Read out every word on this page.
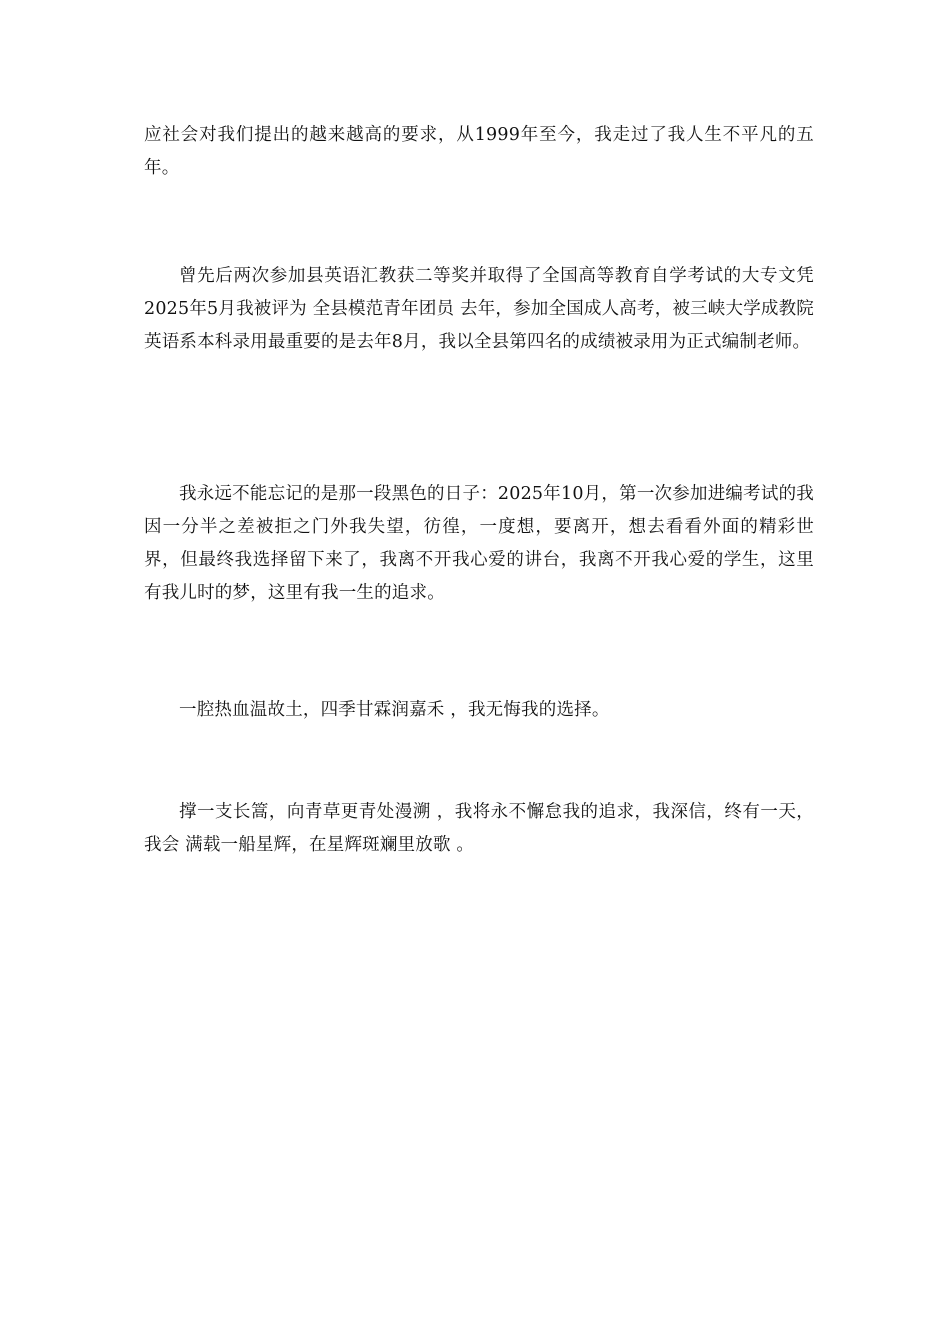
应社会对我们提出的越来越高的要求，从1999年至今，我走过了我人生不平凡的五年。

曾先后两次参加县英语汇教获二等奖并取得了全国高等教育自学考试的大专文凭 2025年5月我被评为 全县模范青年团员 去年，参加全国成人高考，被三峡大学成教院英语系本科录用最重要的是去年8月，我以全县第四名的成绩被录用为正式编制老师。

我永远不能忘记的是那一段黑色的日子：2025年10月，第一次参加进编考试的我因一分半之差被拒之门外我失望，彷徨，一度想，要离开，想去看看外面的精彩世界，但最终我选择留下来了，我离不开我心爱的讲台，我离不开我心爱的学生，这里有我儿时的梦，这里有我一生的追求。

一腔热血温故土，四季甘霖润嘉禾 ，我无悔我的选择。

撑一支长篙，向青草更青处漫溯 ，我将永不懈怠我的追求，我深信，终有一天，我会 满载一船星辉，在星辉斑斓里放歌 。
